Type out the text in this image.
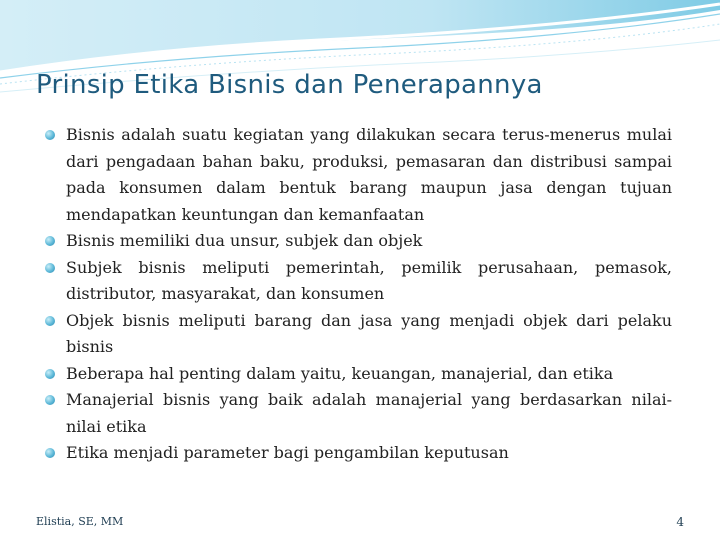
Prinsip Etika Bisnis dan Penerapannya
Bisnis adalah suatu kegiatan yang dilakukan secara terus-menerus mulai dari pengadaan bahan baku, produksi, pemasaran dan distribusi sampai pada konsumen dalam bentuk barang maupun jasa dengan tujuan mendapatkan keuntungan dan kemanfaatan
Bisnis memiliki dua unsur, subjek dan objek
Subjek bisnis meliputi pemerintah, pemilik perusahaan, pemasok, distributor, masyarakat, dan konsumen
Objek bisnis meliputi barang dan jasa yang menjadi objek dari pelaku bisnis
Beberapa hal penting dalam yaitu, keuangan, manajerial, dan etika
Manajerial bisnis yang baik adalah manajerial yang berdasarkan nilai-nilai etika
Etika menjadi parameter bagi pengambilan keputusan
Elistia, SE, MM	4
